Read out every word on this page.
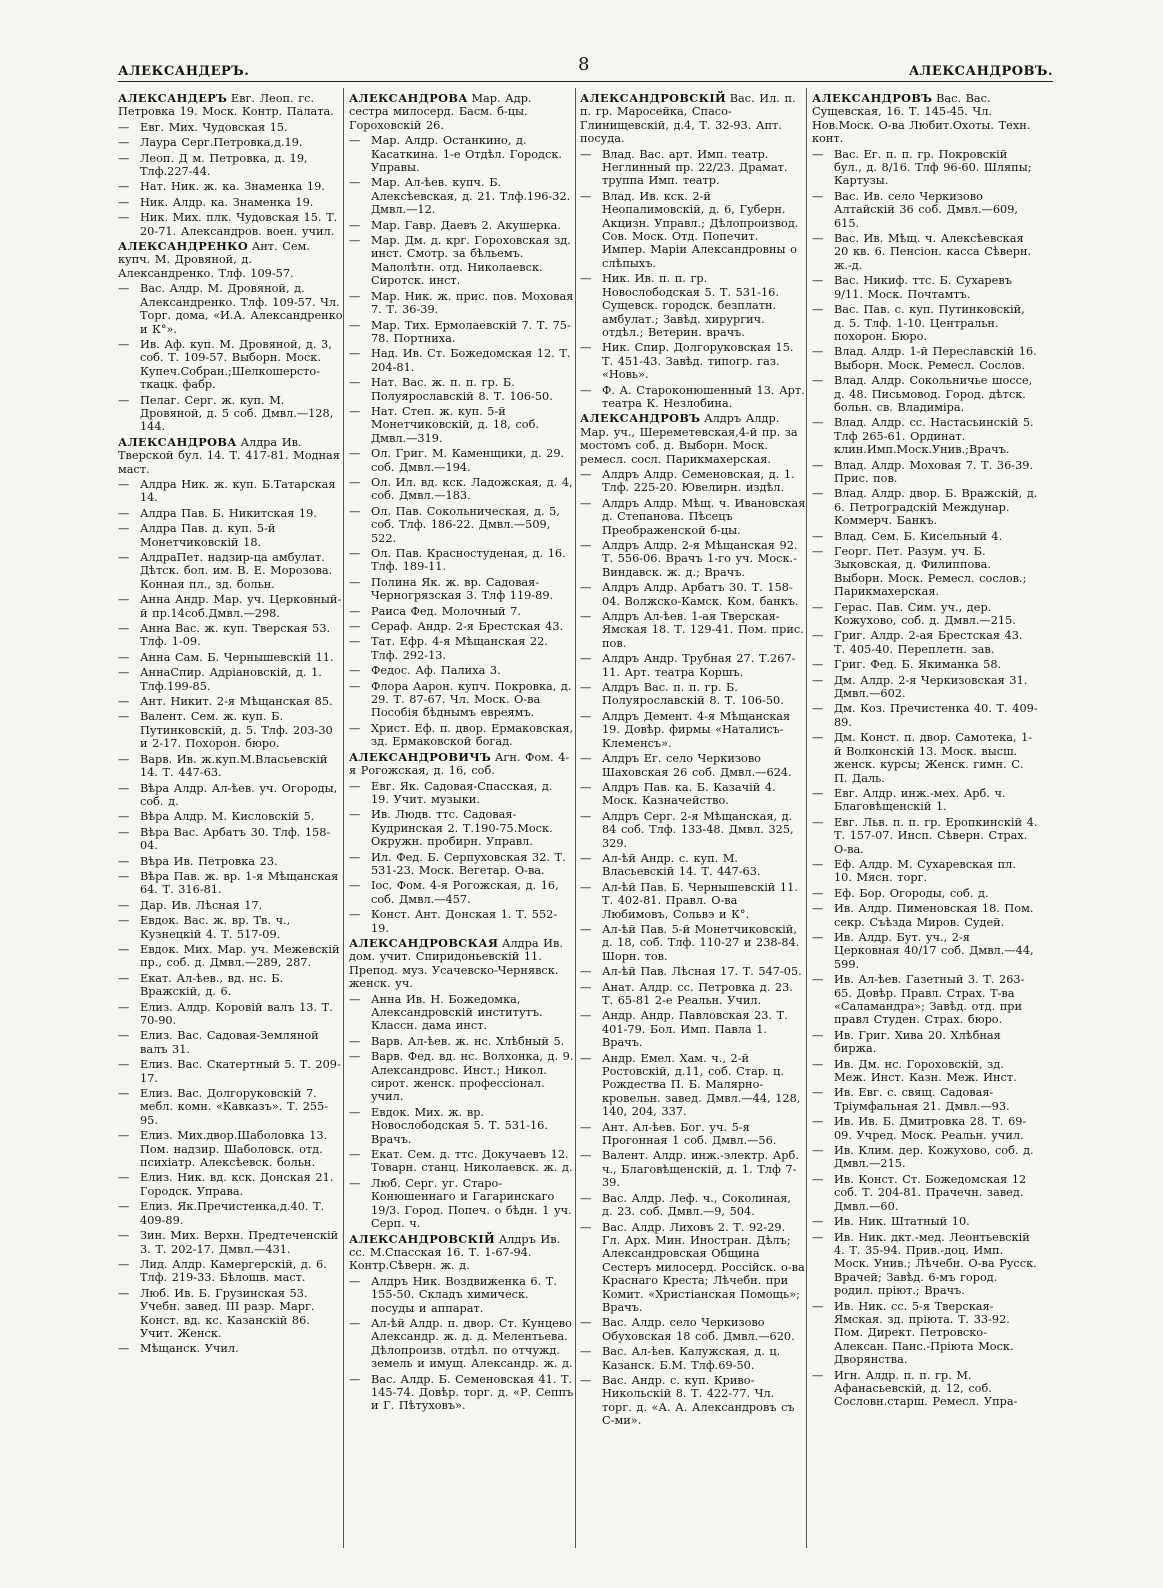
АЛЕКСАНДЕРЪ.	8	АЛЕКСАНДРОВЪ.
АЛЕКСАНДЕРЪ Евг. Леоп. гс. Петровка 19. Моск. Контр. Палата.
— Евг. Мих. Чудовская 15.
— Лаура Серг.Петровка,д.19.
— Леоп. Д м. Петровка, д. 19, Тлф.227-44.
— Нат. Ник. ж. ка. Знаменка 19.
— Ник. Алдр. ка. Знаменка 19.
— Ник. Мих. плк. Чудовская 15. Т. 20-71. Александров. воен. учил.
АЛЕКСАНДРЕНКО Ант. Сем. купч. М. Дровяной, д. Александренко. Тлф. 109-57.
— Вас. Алдр. М. Дровяной, д. Александренко. Тлф. 109-57. Чл. Торг. дома, «И.А. Александренко и К°».
— Ив. Аф. куп. М. Дровяной, д. 3, соб. Т. 109-57. Выборн. Моск. Купеч.Собран.;Шелкошерсто-ткацк. фабр.
— Пелаг. Серг. ж. куп. М. Дровяной, д. 5 соб. Дмвл.—128, 144.
АЛЕКСАНДРОВА Алдра Ив. Тверской бул. 14. Т. 417-81. Модная маст.
— Алдра Ник. ж. куп. Б.Татарская 14.
— Алдра Пав. Б. Никитская 19.
— Алдра Пав. д. куп. 5-й Монетчиковскій 18.
— АлдраПет. надзир-ца амбулат. Дѣтск. бол. им. В. Е. Морозова. Конная пл., зд. больн.
— Анна Андр. Мар. уч. Церковный-й пр.14соб.Дмвл.—298.
— Анна Вас. ж. куп. Тверская 53. Тлф. 1-09.
— Анна Сам. Б. Чернышевскій 11.
— АннаСпир. Адріановскій, д. 1. Тлф.199-85.
— Ант. Никит. 2-я Мѣщанская 85.
— Валент. Сем. ж. куп. Б. Путинковскій, д. 5. Тлф. 203-30 и 2-17. Похорон. бюро.
— Варв. Ив. ж.куп.М.Власьевскій 14. Т. 447-63.
— Вѣра Алдр. Ал-ѣев. уч. Огороды, соб. д.
— Вѣра Алдр. М. Кисловскій 5.
— Вѣра Вас. Арбатъ 30. Тлф. 158-04.
— Вѣра Ив. Петровка 23.
— Вѣра Пав. ж. вр. 1-я Мѣщанская 64. Т. 316-81.
— Дар. Ив. Лѣсная 17.
— Евдок. Вас. ж. вр. Тв. ч., Кузнецкій 4. Т. 517-09.
— Евдок. Мих. Мар. уч. Межевскій пр., соб. д. Дмвл.—289, 287.
— Екат. Ал-ѣев., вд. нс. Б. Вражскій, д. 6.
— Елиз. Алдр. Коровій валъ 13. Т. 70-90.
— Елиз. Вас. Садовая-Земляной валъ 31.
— Елиз. Вас. Скатертный 5. Т. 209-17.
— Елиз. Вас. Долгоруковскій 7. мебл. комн. «Кавказъ». Т. 255-95.
— Елиз. Мих.двор.Шаболовка 13. Пом. надзир. Шаболовск. отд. психіатр. Алексѣевск. больн.
— Елиз. Ник. вд. кск. Донская 21. Городск. Управа.
— Елиз. Як.Пречистенка,д.40. Т. 409-89.
— Зин. Мих. Верхн. Предтеченскій 3. Т. 202-17. Дмвл.—431.
— Лид. Алдр. Камергерскій, д. 6. Тлф. 219-33. Бѣлошв. маст.
— Люб. Ив. Б. Грузинская 53. Учебн. завед. III разр. Марг. Конст. вд. кс. Казанскій 86. Учит. Женск.
— Мѣщанск. Учил.
АЛЕКСАНДРОВА Мар. Адр. сестра милосерд. Басм. б-цы. Гороховскій 26.
— Мар. Алдр. Останкино, д. Касаткина. 1-е Отдѣл. Городск. Управы.
— Мар. Ал-ѣев. купч. Б. Алексѣевская, д. 21. Тлф.196-32. Дмвл.—12.
— Мар. Гавр. Даевъ 2. Акушерка.
— Мар. Дм. д. крг. Гороховская зд. инст. Смотр. за бѣльемъ. Малолѣтн. отд. Николаевск. Сиротск. инст.
— Мар. Ник. ж. прис. пов. Моховая 7. Т. 36-39.
— Мар. Тих. Ермолаевскій 7. Т. 75-78. Портниха.
— Над. Ив. Ст. Божедомская 12. Т. 204-81.
— Нат. Вас. ж. п. п. гр. Б. Полуярославскій 8. Т. 106-50.
— Нат. Степ. ж. куп. 5-й Монетчиковскій, д. 18, соб. Дмвл.—319.
— Ол. Григ. М. Каменщики, д. 29. соб. Дмвл.—194.
— Ол. Ил. вд. кск. Ладожская, д. 4, соб. Дмвл.—183.
— Ол. Пав. Сокольническая, д. 5, соб. Тлф. 186-22. Дмвл.—509, 522.
— Ол. Пав. Красностуденая, д. 16. Тлф. 189-11.
— Полина Як. ж. вр. Садовая-Черногрязская 3. Тлф 119-89.
— Раиса Фед. Молочный 7.
— Сераф. Андр. 2-я Брестская 43.
— Тат. Ефр. 4-я Мѣщанская 22. Тлф. 292-13.
— Федос. Аф. Палиха 3.
— Флора Аарон. купч. Покровка, д. 29. Т. 87-67. Чл. Моск. О-ва Пособія бѣднымъ евреямъ.
— Христ. Еф. п. двор. Ермаковская, зд. Ермаковской богад.
АЛЕКСАНДРОВИЧЪ Агн. Фом. 4-я Рогожская, д. 16, соб.
— Евг. Як. Садовая-Спасская, д. 19. Учит. музыки.
— Ив. Людв. ттс. Садовая-Кудринская 2. Т.190-75.Моск. Окружн. пробирн. Управл.
— Ил. Фед. Б. Серпуховская 32. Т. 531-23. Моск. Вегетар. О-ва.
— Іос. Фом. 4-я Рогожская, д. 16, соб. Дмвл.—457.
— Конст. Ант. Донская 1. Т. 552-19.
АЛЕКСАНДРОВСКАЯ Алдра Ив. дом. учит. Спиридоньевскій 11. Препод. муз. Усачевско-Чернявск. женск. уч.
— Анна Ив. Н. Божедомка, Александровскій институтъ. Классн. дама инст.
— Варв. Ал-ѣев. ж. нс. Хлѣбный 5.
— Варв. Фед. вд. нс. Волхонка, д. 9. Александровс. Инст.; Никол. сирот. женск. профессіонал. учил.
— Евдок. Мих. ж. вр. Новослободская 5. Т. 531-16. Врачъ.
— Екат. Сем. д. ттс. Докучаевъ 12. Товарн. станц. Николаевск. ж. д.
— Люб. Серг. уг. Старо-Конюшеннаго и Гагаринскаго 19/3. Город. Попеч. о бѣдн. 1 уч. Серп. ч.
АЛЕКСАНДРОВСКІЙ Алдръ Ив. сс. М.Спасская 16. Т. 1-67-94. Контр.Сѣверн. ж. д.
— Алдръ Ник. Воздвиженка 6. Т. 155-50. Складъ химическ. посуды и аппарат.
— Ал-ѣй Алдр. п. двор. Ст. Кунцево Александр. ж. д. д. Мелентьева. Дѣлопроизв. отдѣл. по отчужд. земель и имущ. Александр. ж. д.
— Вас. Алдр. Б. Семеновская 41. Т. 145-74. Довѣр. торг. д. «Р. Сеппъ и Г. Пѣтуховъ».
АЛЕКСАНДРОВСКІЙ Вас. Ил. п. п. гр. Маросейка, Спасо-Глинищевскій, д.4, Т. 32-93. Апт. посуда.
— Влад. Вас. арт. Имп. театр. Неглинный пр. 22/23. Драмат. труппа Имп. театр.
— Влад. Ив. кск. 2-й Неопалимовскій, д. 6, Губерн. Акцизн. Управл.; Дѣлопроизвод. Сов. Моск. Отд. Попечит. Импер. Маріи Александровны о слѣпыхъ.
— Ник. Ив. п. п. гр. Новослободская 5. Т. 531-16. Сущевск. городск. безплатн. амбулат.; Завѣд. хирургич. отдѣл.; Ветерин. врачъ.
— Ник. Спир. Долгоруковская 15. Т. 451-43. Завѣд. типогр. газ. «Новь».
— Ф. А. Староконюшенный 13. Арт. театра К. Незлобина.
АЛЕКСАНДРОВЪ Алдръ Алдр. Мар. уч., Шереметевская,4-й пр. за мостомъ соб. д. Выборн. Моск. ремесл. сосл. Парикмахерская.
— Алдръ Алдр. Семеновская, д. 1. Тлф. 225-20. Ювелирн. издѣл.
— Алдръ Алдр. Мѣщ. ч. Ивановская д. Степанова. Пѣсецъ Преображенской б-цы.
— Алдръ Алдр. 2-я Мѣщанская 92. Т. 556-06. Врачъ 1-го уч. Моск.-Виндавск. ж. д.; Врачъ.
— Алдръ Алдр. Арбатъ 30. Т. 158-04. Волжско-Камск. Ком. банкъ.
— Алдръ Ал-ѣев. 1-ая Тверская-Ямская 18. Т. 129-41. Пом. прис. пов.
— Алдръ Андр. Трубная 27. Т.267-11. Арт. театра Коршъ.
— Алдръ Вас. п. п. гр. Б. Полуярославскій 8. Т. 106-50.
— Алдръ Демент. 4-я Мѣщанская 19. Довѣр. фирмы «Наталисъ-Клеменсъ».
— Алдръ Ег. село Черкизово Шаховская 26 соб. Дмвл.—624.
— Алдръ Пав. ка. Б. Казачій 4. Моск. Казначейство.
— Алдръ Серг. 2-я Мѣщанская, д. 84 соб. Тлф. 133-48. Дмвл. 325, 329.
— Ал-ѣй Андр. с. куп. М. Власьевскій 14. Т. 447-63.
— Ал-ѣй Пав. Б. Чернышевскій 11. Т. 402-81. Правл. О-ва Любимовъ, Сольвэ и К°.
— Ал-ѣй Пав. 5-й Монетчиковскій, д. 18, соб. Тлф. 110-27 и 238-84. Шорн. тов.
— Ал-ѣй Пав. Лѣсная 17. Т. 547-05.
— Анат. Алдр. сс. Петровка д. 23. Т. 65-81 2-е Реальн. Учил.
— Андр. Андр. Павловская 23. Т. 401-79. Бол. Имп. Павла 1. Врачъ.
— Андр. Емел. Хам. ч., 2-й Ростовскій, д.11, соб. Стар. ц. Рождества П. Б. Малярно-кровельн. завед. Дмвл.—44, 128, 140, 204, 337.
— Ант. Ал-ѣев. Бог. уч. 5-я Прогонная 1 соб. Дмвл.—56.
— Валент. Алдр. инж.-электр. Арб. ч., Благовѣщенскій, д. 1. Тлф 7-39.
— Вас. Алдр. Леф. ч., Соколиная, д. 23. соб. Дмвл.—9, 504.
— Вас. Алдр. Лиховъ 2. Т. 92-29. Гл. Арх. Мин. Иностран. Дѣлъ; Александровская Община Сестеръ милосерд. Россійск. о-ва Краснаго Креста; Лѣчебн. при Комит. «Христіанская Помощь»; Врачъ.
— Вас. Алдр. село Черкизово Обуховская 18 соб. Дмвл.—620.
— Вас. Ал-ѣев. Калужская, д. ц. Казанск. Б.М. Тлф.69-50.
— Вас. Андр. с. куп. Криво-Никольскій 8. Т. 422-77. Чл. торг. д. «А. А. Александровъ съ С-ми».
АЛЕКСАНДРОВЪ Вас. Вас. Сущевская, 16. Т. 145-45. Чл. Нов.Моск. О-ва Любит.Охоты. Техн. конт.
— Вас. Ег. п. п. гр. Покровскій бул., д. 8/16. Тлф 96-60. Шляпы; Картузы.
— Вас. Ив. село Черкизово Алтайскій 36 соб. Дмвл.—609, 615.
— Вас. Ив. Мѣщ. ч. Алексѣевская 20 кв. 6. Пенсіон. касса Сѣверн. ж.-д.
— Вас. Никиф. ттс. Б. Сухаревъ 9/11. Моск. Почтамтъ.
— Вас. Пав. с. куп. Путинковскій, д. 5. Тлф. 1-10. Центральн. похорон. Бюро.
— Влад. Алдр. 1-й Переславскій 16. Выборн. Моск. Ремесл. Сослов.
— Влад. Алдр. Сокольничье шоссе, д. 48. Письмовод. Город. дѣтск. больн. св. Владиміра.
— Влад. Алдр. сс. Настасьинскій 5. Тлф 265-61. Ординат. клин.Имп.Моск.Унив.;Врачъ.
— Влад. Алдр. Моховая 7. Т. 36-39. Прис. пов.
— Влад. Алдр. двор. Б. Вражскій, д. 6. Петроградскій Междунар. Коммерч. Банкъ.
— Влад. Сем. Б. Кисельный 4.
— Георг. Пет. Разум. уч. Б. Зыковская, д. Филиппова. Выборн. Моск. Ремесл. сослов.; Парикмахерская.
— Герас. Пав. Сим. уч., дер. Кожухово, соб. д. Дмвл.—215.
— Григ. Алдр. 2-ая Брестская 43. Т. 405-40. Переплетн. зав.
— Григ. Фед. Б. Якиманка 58.
— Дм. Алдр. 2-я Черкизовская 31. Дмвл.—602.
— Дм. Коз. Пречистенка 40. Т. 409-89.
— Дм. Конст. п. двор. Самотека, 1-й Волконскій 13. Моск. высш. женск. курсы; Женск. гимн. С. П. Даль.
— Евг. Алдр. инж.-мех. Арб. ч. Благовѣщенскій 1.
— Евг. Льв. п. п. гр. Еропкинскій 4. Т. 157-07. Инсп. Сѣверн. Страх. О-ва.
— Еф. Алдр. М. Сухаревская пл. 10. Мясн. торг.
— Еф. Бор. Огороды, соб. д.
— Ив. Алдр. Пименовская 18. Пом. секр. Съѣзда Миров. Судей.
— Ив. Алдр. Бут. уч., 2-я Церковная 40/17 соб. Дмвл.—44, 599.
— Ив. Ал-ѣев. Газетный 3. Т. 263-65. Довѣр. Правл. Страх. Т-ва «Саламандра»; Завѣд. отд. при правл Студен. Страх. бюро.
— Ив. Григ. Хива 20. Хлѣбная биржа.
— Ив. Дм. нс. Гороховскій, зд. Меж. Инст. Казн. Меж. Инст.
— Ив. Евг. с. свящ. Садовая-Тріумфальная 21. Дмвл.—93.
— Ив. Ив. Б. Дмитровка 28. Т. 69-09. Учред. Моск. Реальн. учил.
— Ив. Клим. дер. Кожухово, соб. д. Дмвл.—215.
— Ив. Конст. Ст. Божедомская 12 соб. Т. 204-81. Прачечн. завед. Дмвл.—60.
— Ив. Ник. Штатный 10.
— Ив. Ник. дкт.-мед. Леонтьевскій 4. Т. 35-94. Прив.-доц. Имп. Моск. Унив.; Лѣчебн. О-ва Русск. Врачей; Завѣд. 6-мъ город. родил. пріют.; Врачъ.
— Ив. Ник. сс. 5-я Тверская-Ямская. зд. пріюта. Т. 33-92. Пом. Директ. Петровско-Алексан. Панс.-Пріюта Моск. Дворянства.
— Игн. Алдр. п. п. гр. М. Афанасьевскій, д. 12, соб. Сословн.старш. Ремесл. Упра-
